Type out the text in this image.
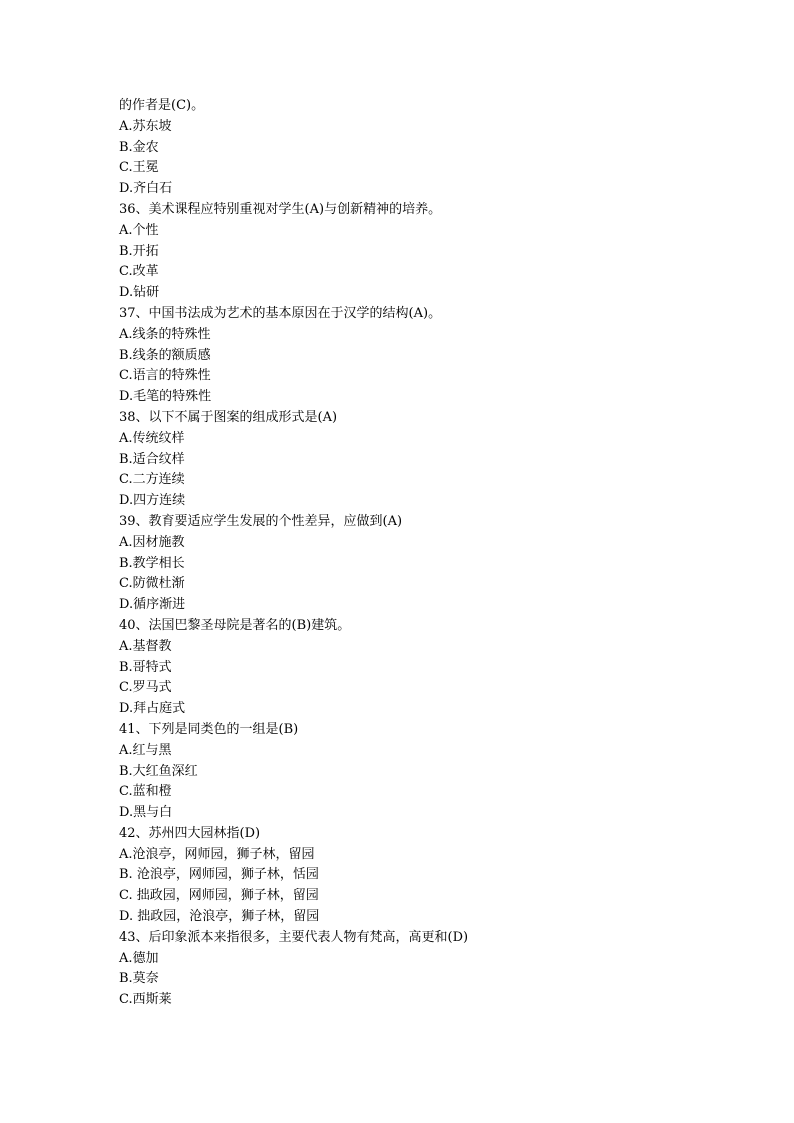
的作者是(C)。
A.苏东坡
B.金农
C.王冕
D.齐白石
36、美术课程应特别重视对学生(A)与创新精神的培养。
A.个性
B.开拓
C.改革
D.钻研
37、中国书法成为艺术的基本原因在于汉学的结构(A)。
A.线条的特殊性
B.线条的额质感
C.语言的特殊性
D.毛笔的特殊性
38、以下不属于图案的组成形式是(A)
A.传统纹样
B.适合纹样
C.二方连续
D.四方连续
39、教育要适应学生发展的个性差异，应做到(A)
A.因材施教
B.教学相长
C.防微杜渐
D.循序渐进
40、法国巴黎圣母院是著名的(B)建筑。
A.基督教
B.哥特式
C.罗马式
D.拜占庭式
41、下列是同类色的一组是(B)
A.红与黑
B.大红鱼深红
C.蓝和橙
D.黑与白
42、苏州四大园林指(D)
A.沧浪亭，网师园，狮子林，留园
B. 沧浪亭，网师园，狮子林，恬园
C. 拙政园，网师园，狮子林，留园
D. 拙政园，沧浪亭，狮子林，留园
43、后印象派本来指很多，主要代表人物有梵高，高更和(D)
A.德加
B.莫奈
C.西斯莱
